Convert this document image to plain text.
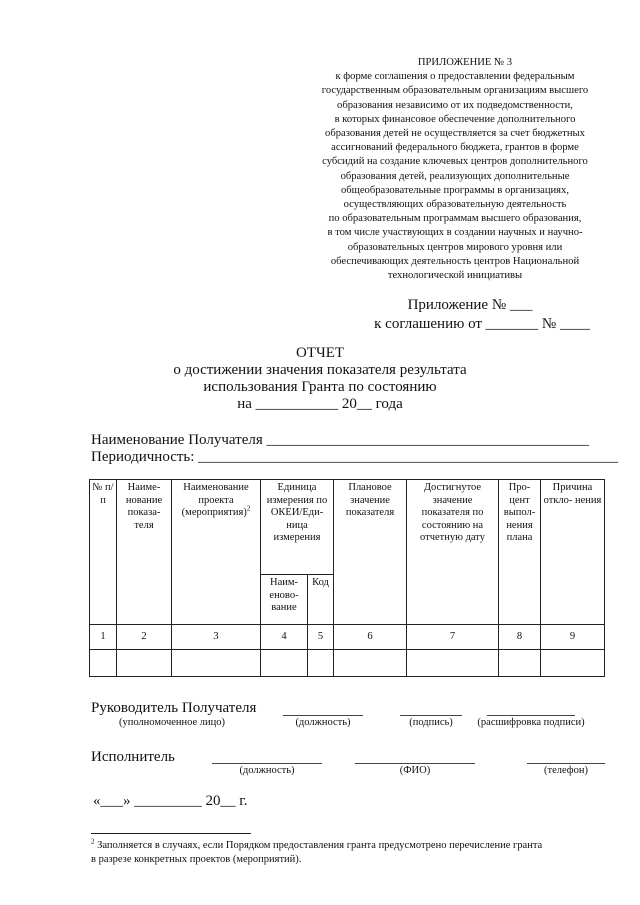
ПРИЛОЖЕНИЕ № 3
к форме соглашения о предоставлении федеральным
государственным образовательным организациям высшего
образования независимо от их подведомственности,
в которых финансовое обеспечение дополнительного
образования детей не осуществляется за счет бюджетных
ассигнований федерального бюджета, грантов в форме
субсидий на создание ключевых центров дополнительного
образования детей, реализующих дополнительные
общеобразовательные программы в организациях,
осуществляющих образовательную деятельность
по образовательным программам высшего образования,
в том числе участвующих в создании научных и научно-
образовательных центров мирового уровня или
обеспечивающих деятельность центров Национальной
технологической инициативы
Приложение № ___
к соглашению от _______ № ____
ОТЧЕТ
о достижении значения показателя результата
использования Гранта по состоянию
на ___________ 20__ года
Наименование Получателя ___________________________________________
Периодичность: ________________________________________________________
№ п/п	Наиме- нование показа- теля	Наименование проекта (мероприятия)$^2$	Единица измерения по ОКЕИ/Еди- ница измерения		Плановое значение показателя	Достигнутое значение показателя по состоянию на отчетную дату	Про- цент выпол- нения плана	Причина откло- нения
			Наим- еново- вание	Код				
1	2	3	4	5	6	7	8	9

Руководитель Получателя
(уполномоченное лицо)	(должность)	(подпись)	(расшифровка подписи)
Исполнитель
(должность)	(ФИО)	(телефон)
«___» _________ 20__ г.
$^2$ Заполняется в случаях, если Порядком предоставления гранта предусмотрено перечисление гранта
в разрезе конкретных проектов (мероприятий).
